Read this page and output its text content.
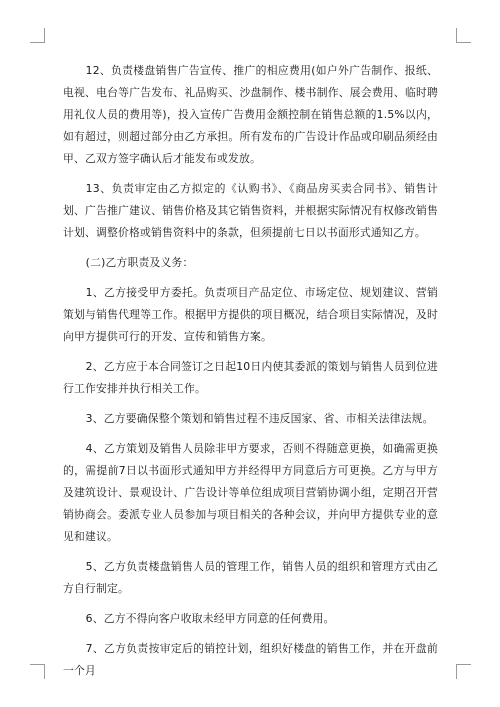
12、负责楼盘销售广告宣传、推广的相应费用(如户外广告制作、报纸、电视、电台等广告发布、礼品购买、沙盘制作、楼书制作、展会费用、临时聘用礼仪人员的费用等)，投入宣传广告费用金额控制在销售总额的1.5%以内，如有超过，则超过部分由乙方承担。所有发布的广告设计作品或印刷品须经由甲、乙双方签字确认后才能发布或发放。

13、负责审定由乙方拟定的《认购书》、《商品房买卖合同书》、销售计划、广告推广建议、销售价格及其它销售资料，并根据实际情况有权修改销售计划、调整价格或销售资料中的条款，但须提前七日以书面形式通知乙方。

(二)乙方职责及义务：

1、乙方接受甲方委托。负责项目产品定位、市场定位、规划建议、营销策划与销售代理等工作。根据甲方提供的项目概况，结合项目实际情况，及时向甲方提供可行的开发、宣传和销售方案。

2、乙方应于本合同签订之日起10日内使其委派的策划与销售人员到位进行工作安排并执行相关工作。

3、乙方要确保整个策划和销售过程不违反国家、省、市相关法律法规。

4、乙方策划及销售人员除非甲方要求，否则不得随意更换，如确需更换的，需提前7日以书面形式通知甲方并经得甲方同意后方可更换。乙方与甲方及建筑设计、景观设计、广告设计等单位组成项目营销协调小组，定期召开营销协商会。委派专业人员参加与项目相关的各种会议，并向甲方提供专业的意见和建议。

5、乙方负责楼盘销售人员的管理工作，销售人员的组织和管理方式由乙方自行制定。

6、乙方不得向客户收取未经甲方同意的任何费用。

7、乙方负责按审定后的销控计划，组织好楼盘的销售工作，并在开盘前一个月
